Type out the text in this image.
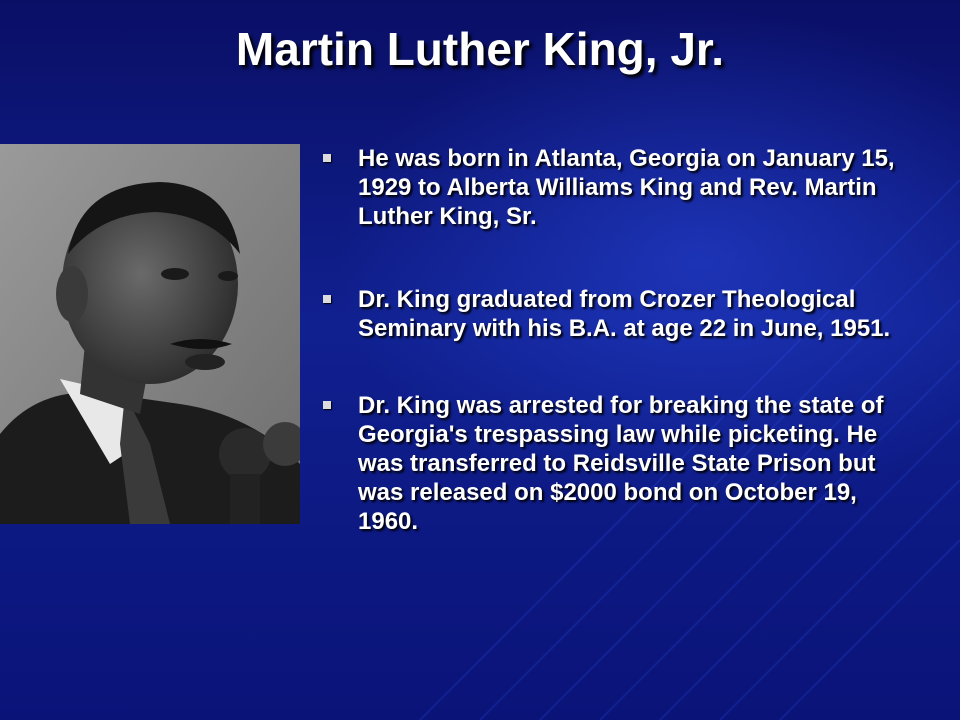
Martin Luther King, Jr.
He was born in Atlanta, Georgia on January 15, 1929 to Alberta Williams King and Rev. Martin Luther King, Sr.
Dr. King graduated from Crozer Theological Seminary with his B.A. at age 22 in June, 1951.
Dr. King was arrested for breaking the state of Georgia's trespassing law while picketing. He was transferred to Reidsville State Prison but was released on $2000 bond on October 19, 1960.
